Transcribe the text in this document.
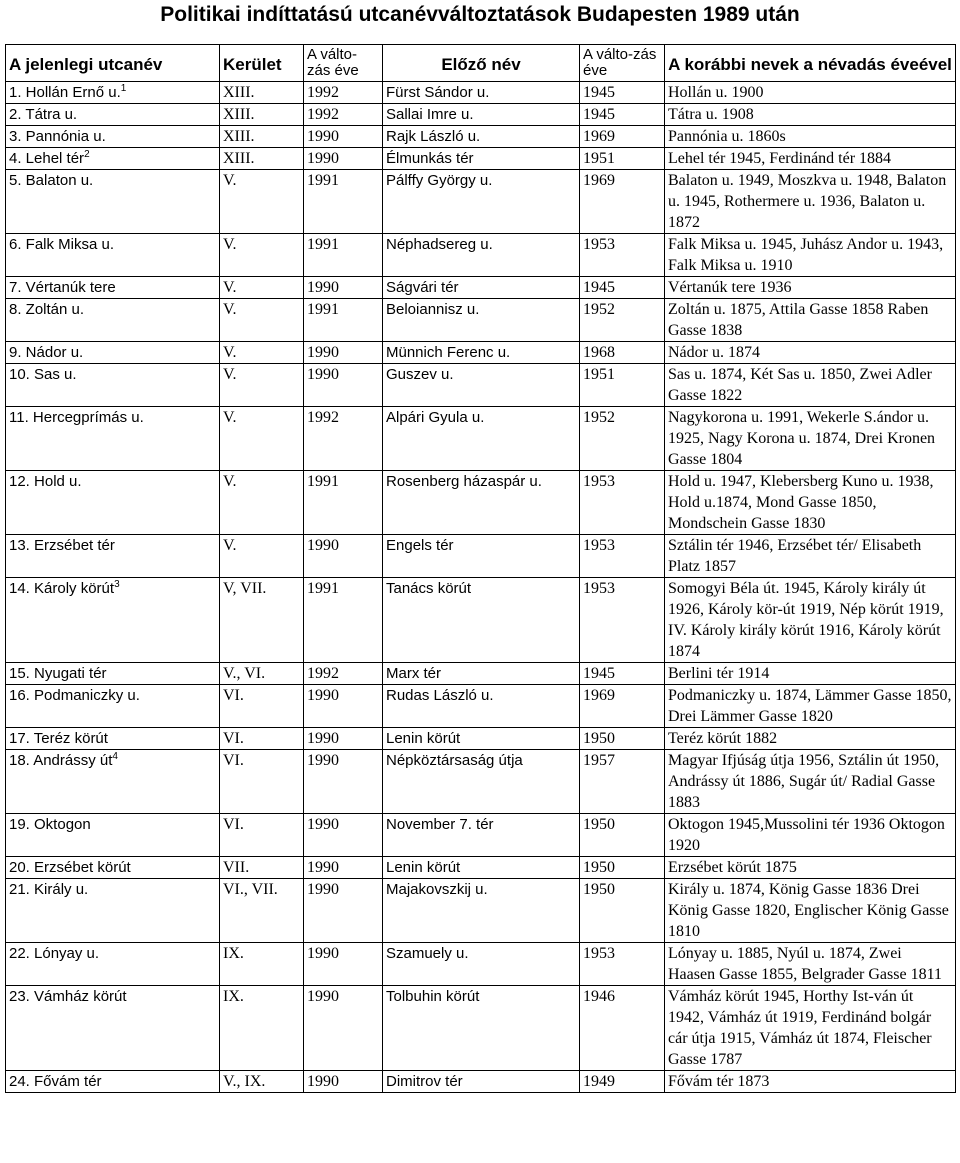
Politikai indíttatású utcanévváltoztatások Budapesten 1989 után
A jelenlegi utcanév	Kerület	A válto-zás éve	Előző név	A válto-zás éve	A korábbi nevek a névadás éveével
1. Hollán Ernő u.$^1$	XIII.	1992	Fürst Sándor u.	1945	Hollán u. 1900
2. Tátra u.	XIII.	1992	Sallai Imre u.	1945	Tátra u. 1908
3. Pannónia u.	XIII.	1990	Rajk László u.	1969	Pannónia u. 1860s
4. Lehel tér$^2$	XIII.	1990	Élmunkás tér	1951	Lehel tér 1945, Ferdinánd tér 1884
5. Balaton u.	V.	1991	Pálffy György u.	1969	Balaton u. 1949, Moszkva u. 1948, Balaton u. 1945, Rothermere u. 1936, Balaton u. 1872
6. Falk Miksa u.	V.	1991	Néphadsereg u.	1953	Falk Miksa u. 1945, Juhász Andor u. 1943, Falk Miksa u. 1910
7. Vértanúk tere	V.	1990	Ságvári tér	1945	Vértanúk tere 1936
8. Zoltán u.	V.	1991	Beloiannisz u.	1952	Zoltán u. 1875, Attila Gasse 1858 Raben Gasse 1838
9. Nádor u.	V.	1990	Münnich Ferenc u.	1968	Nádor u. 1874
10. Sas u.	V.	1990	Guszev u.	1951	Sas u. 1874, Két Sas u. 1850, Zwei Adler Gasse 1822
11. Hercegprímás u.	V.	1992	Alpári Gyula u.	1952	Nagykorona u. 1991, Wekerle S.ándor u. 1925, Nagy Korona u. 1874, Drei Kronen Gasse 1804
12. Hold u.	V.	1991	Rosenberg házaspár u.	1953	Hold u. 1947, Klebersberg Kuno u. 1938, Hold u.1874, Mond Gasse 1850, Mondschein Gasse 1830
13. Erzsébet tér	V.	1990	Engels tér	1953	Sztálin tér 1946, Erzsébet tér/ Elisabeth Platz 1857
14. Károly körút$^3$	V, VII.	1991	Tanács körút	1953	Somogyi Béla út. 1945, Károly király út 1926, Károly kör-út 1919, Nép körút 1919, IV. Károly király körút 1916, Károly körút 1874
15. Nyugati tér	V., VI.	1992	Marx tér	1945	Berlini tér 1914
16. Podmaniczky u.	VI.	1990	Rudas László u.	1969	Podmaniczky u. 1874, Lämmer Gasse 1850, Drei Lämmer Gasse 1820
17. Teréz körút	VI.	1990	Lenin körút	1950	Teréz körút 1882
18. Andrássy $út^4$	VI.	1990	Népköztársaság útja	1957	Magyar Ifjúság útja 1956, Sztálin út 1950, Andrássy út 1886, Sugár út/ Radial Gasse 1883
19. Oktogon	VI.	1990	November 7. tér	1950	Oktogon 1945,Mussolini tér 1936 Oktogon 1920
20. Erzsébet körút	VII.	1990	Lenin körút	1950	Erzsébet körút 1875
21. Király u.	VI., VII.	1990	Majakovszkij u.	1950	Király u. 1874, König Gasse 1836 Drei König Gasse 1820, Englischer König Gasse 1810
22. Lónyay u.	IX.	1990	Szamuely u.	1953	Lónyay u. 1885, Nyúl u. 1874, Zwei Haasen Gasse 1855, Belgrader Gasse 1811
23. Vámház körút	IX.	1990	Tolbuhin körút	1946	Vámház körút 1945, Horthy Ist-ván út 1942, Vámház út 1919, Ferdinánd bolgár cár útja 1915, Vámház út 1874, Fleischer Gasse 1787
24. Fővám tér	V., IX.	1990	Dimitrov tér	1949	Fővám tér 1873
